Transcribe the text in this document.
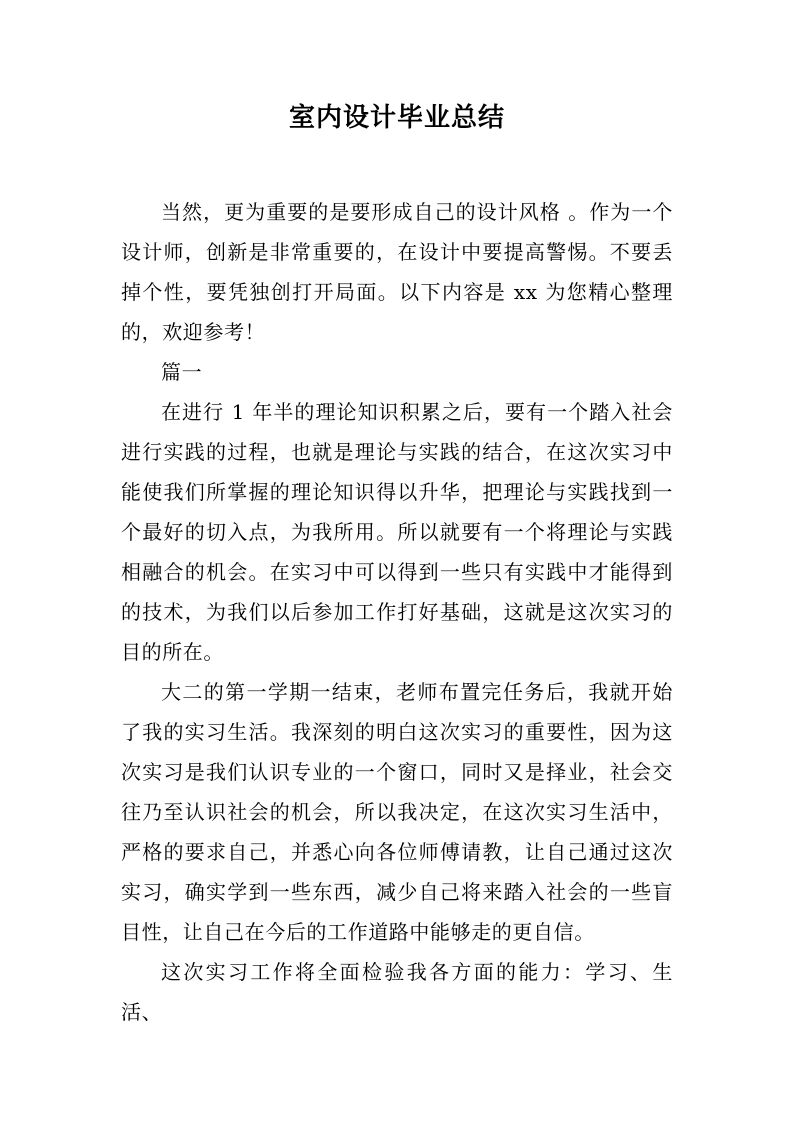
室内设计毕业总结

当然，更为重要的是要形成自己的设计风格 。作为一个设计师，创新是非常重要的，在设计中要提高警惕。不要丢掉个性，要凭独创打开局面。以下内容是 xx 为您精心整理的，欢迎参考！

篇一

在进行 1 年半的理论知识积累之后，要有一个踏入社会进行实践的过程，也就是理论与实践的结合，在这次实习中能使我们所掌握的理论知识得以升华，把理论与实践找到一个最好的切入点，为我所用。所以就要有一个将理论与实践相融合的机会。在实习中可以得到一些只有实践中才能得到的技术，为我们以后参加工作打好基础，这就是这次实习的目的所在。

大二的第一学期一结束，老师布置完任务后，我就开始了我的实习生活。我深刻的明白这次实习的重要性，因为这次实习是我们认识专业的一个窗口，同时又是择业，社会交往乃至认识社会的机会，所以我决定，在这次实习生活中，严格的要求自己，并悉心向各位师傅请教，让自己通过这次实习，确实学到一些东西，减少自己将来踏入社会的一些盲目性，让自己在今后的工作道路中能够走的更自信。

这次实习工作将全面检验我各方面的能力：学习、生活、
